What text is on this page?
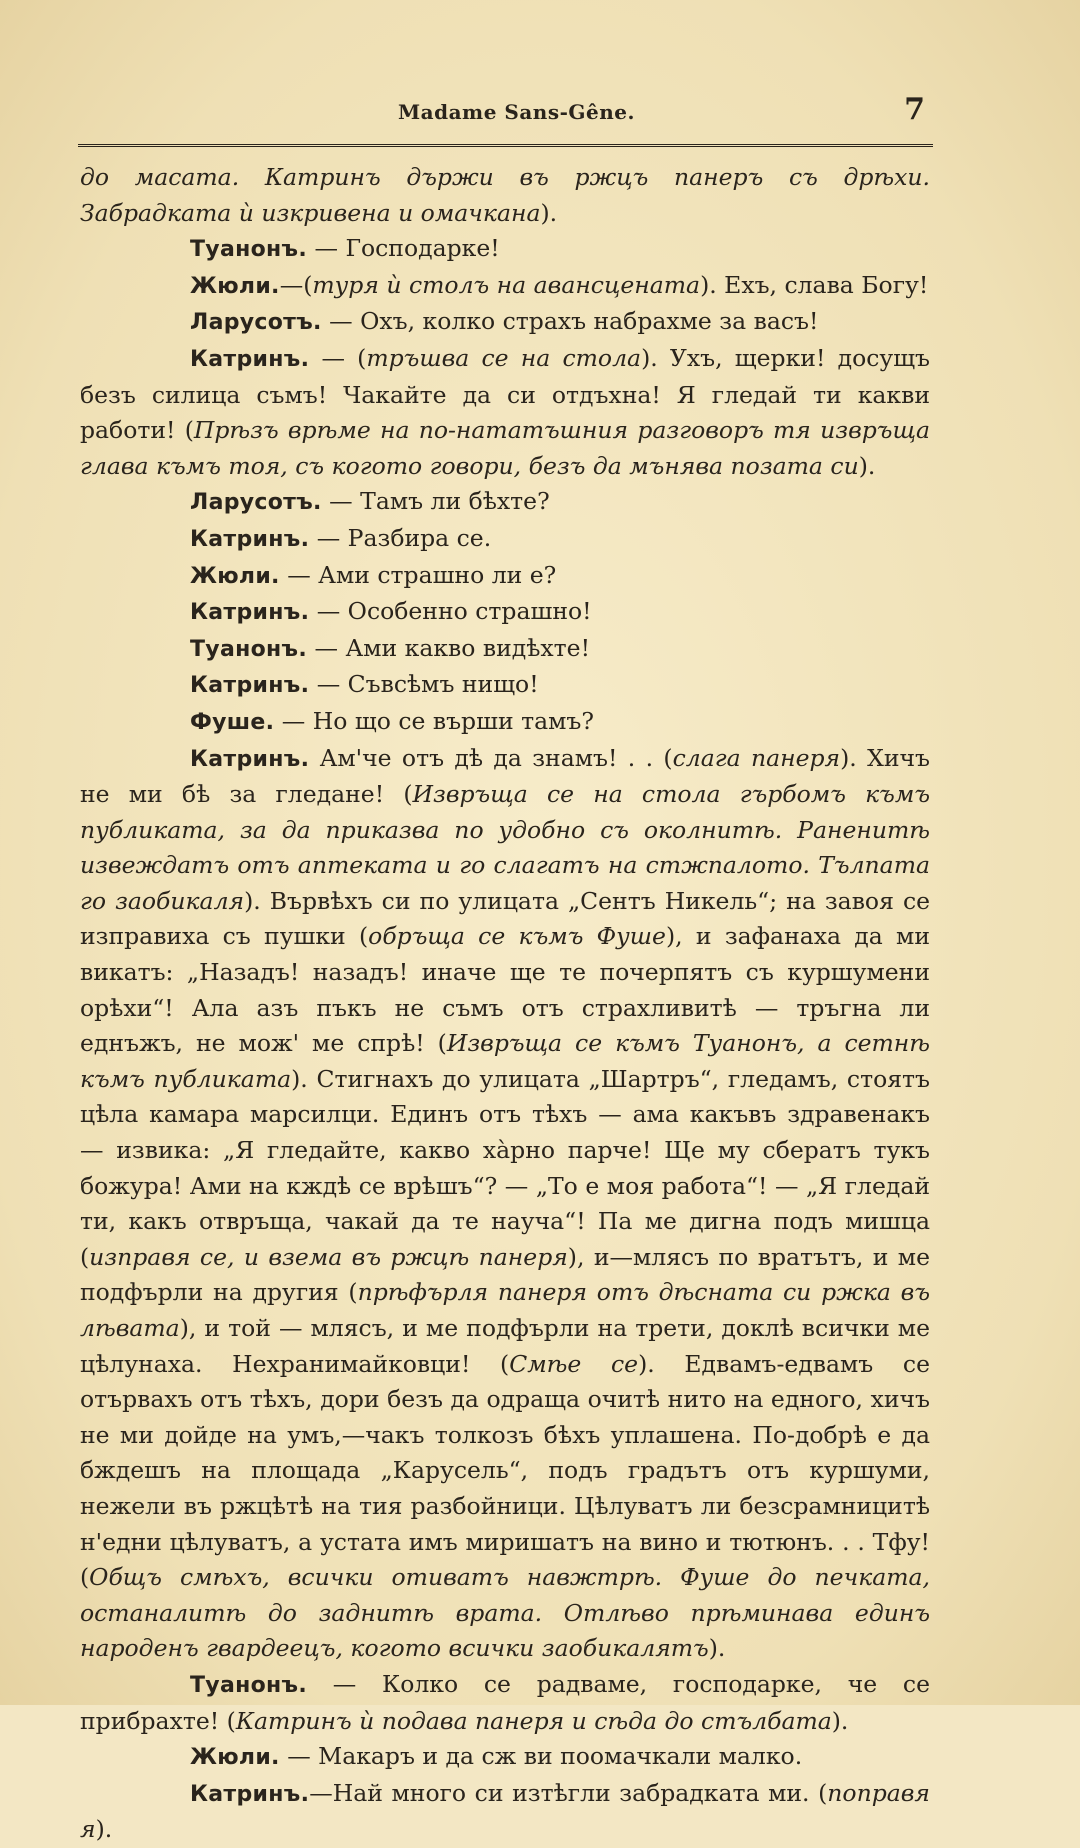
Madame Sans-Gêne.	7

до масата. Катринъ държи въ ржцъ панеръ съ дрѣхи. Забрадката ѝ изкривена и омачкана).

Туанонъ. — Господарке!

Жюли.—(туря ѝ столъ на авансцената). Ехъ, слава Богу!

Ларусотъ. — Охъ, колко страхъ набрахме за васъ!

Катринъ. — (тръшва се на стола). Ухъ, щерки! досущъ безъ силица съмъ! Чакайте да си отдъхна! Я гледай ти какви работи! (Прѣзъ врѣме на по-нататъшния разговоръ тя извръща глава къмъ тоя, съ когото говори, безъ да мънява позата си).

Ларусотъ. — Тамъ ли бѣхте?

Катринъ. — Разбира се.

Жюли. — Ами страшно ли е?

Катринъ. — Особенно страшно!

Туанонъ. — Ами какво видѣхте!

Катринъ. — Съвсѣмъ нищо!

Фуше. — Но що се върши тамъ?

Катринъ. Ам'че отъ дѣ да знамъ! . . (слага панеря). Хичъ не ми бѣ за гледане! (Извръща се на стола гърбомъ къмъ публиката, за да приказва по удобно съ околнитѣ. Раненитѣ извеждатъ отъ аптеката и го слагатъ на стжпалото. Тълпата го заобикаля). Вървѣхъ си по улицата „Сентъ Никель“; на завоя се изправиха съ пушки (обръща се къмъ Фуше), и зафанаха да ми викатъ: „Назадъ! назадъ! иначе ще те почерпятъ съ куршумени орѣхи“! Ала азъ пъкъ не съмъ отъ страхливитѣ — тръгна ли еднъжъ, не мож' ме спрѣ! (Извръща се къмъ Туанонъ, а сетнѣ къмъ публиката). Стигнахъ до улицата „Шартръ“, гледамъ, стоятъ цѣла камара марсилци. Единъ отъ тѣхъ — ама какъвъ здравенакъ — извика: „Я гледайте, какво хàрно парче! Ще му сбератъ тукъ божура! Ами на кждѣ се врѣшъ“? — „То е моя работа“! — „Я гледай ти, какъ отвръща, чакай да те науча“! Па ме дигна подъ мишца (изправя се, и взема въ ржцѣ панеря), и—млясъ по вратътъ, и ме подфърли на другия (прѣфърля панеря отъ дѣсната си ржка въ лѣвата), и той — млясъ, и ме подфърли на трети, доклѣ всички ме цѣлунаха. Нехранимайковци! (Смѣе се). Едвамъ-едвамъ се отървахъ отъ тѣхъ, дори безъ да одраща очитѣ нито на едного, хичъ не ми дойде на умъ,—чакъ толкозъ бѣхъ уплашена. По-добрѣ е да бждешъ на площада „Карусель“, подъ градътъ отъ куршуми, нежели въ ржцѣтѣ на тия разбойници. Цѣлуватъ ли безсрамницитѣ н'едни цѣлуватъ, а устата имъ миришатъ на вино и тютюнъ. . . Тфу! (Общъ смѣхъ, всички отиватъ навжтрѣ. Фуше до печката, останалитѣ до заднитѣ врата. Отлѣво прѣминава единъ народенъ гвардеецъ, когото всички заобикалятъ).

Туанонъ. — Колко се радваме, господарке, че се прибрахте! (Катринъ ѝ подава панеря и сѣда до стълбата).

Жюли. — Макаръ и да сж ви поомачкали малко.

Катринъ.—Най много си изтѣгли забрадката ми. (поправя я).
